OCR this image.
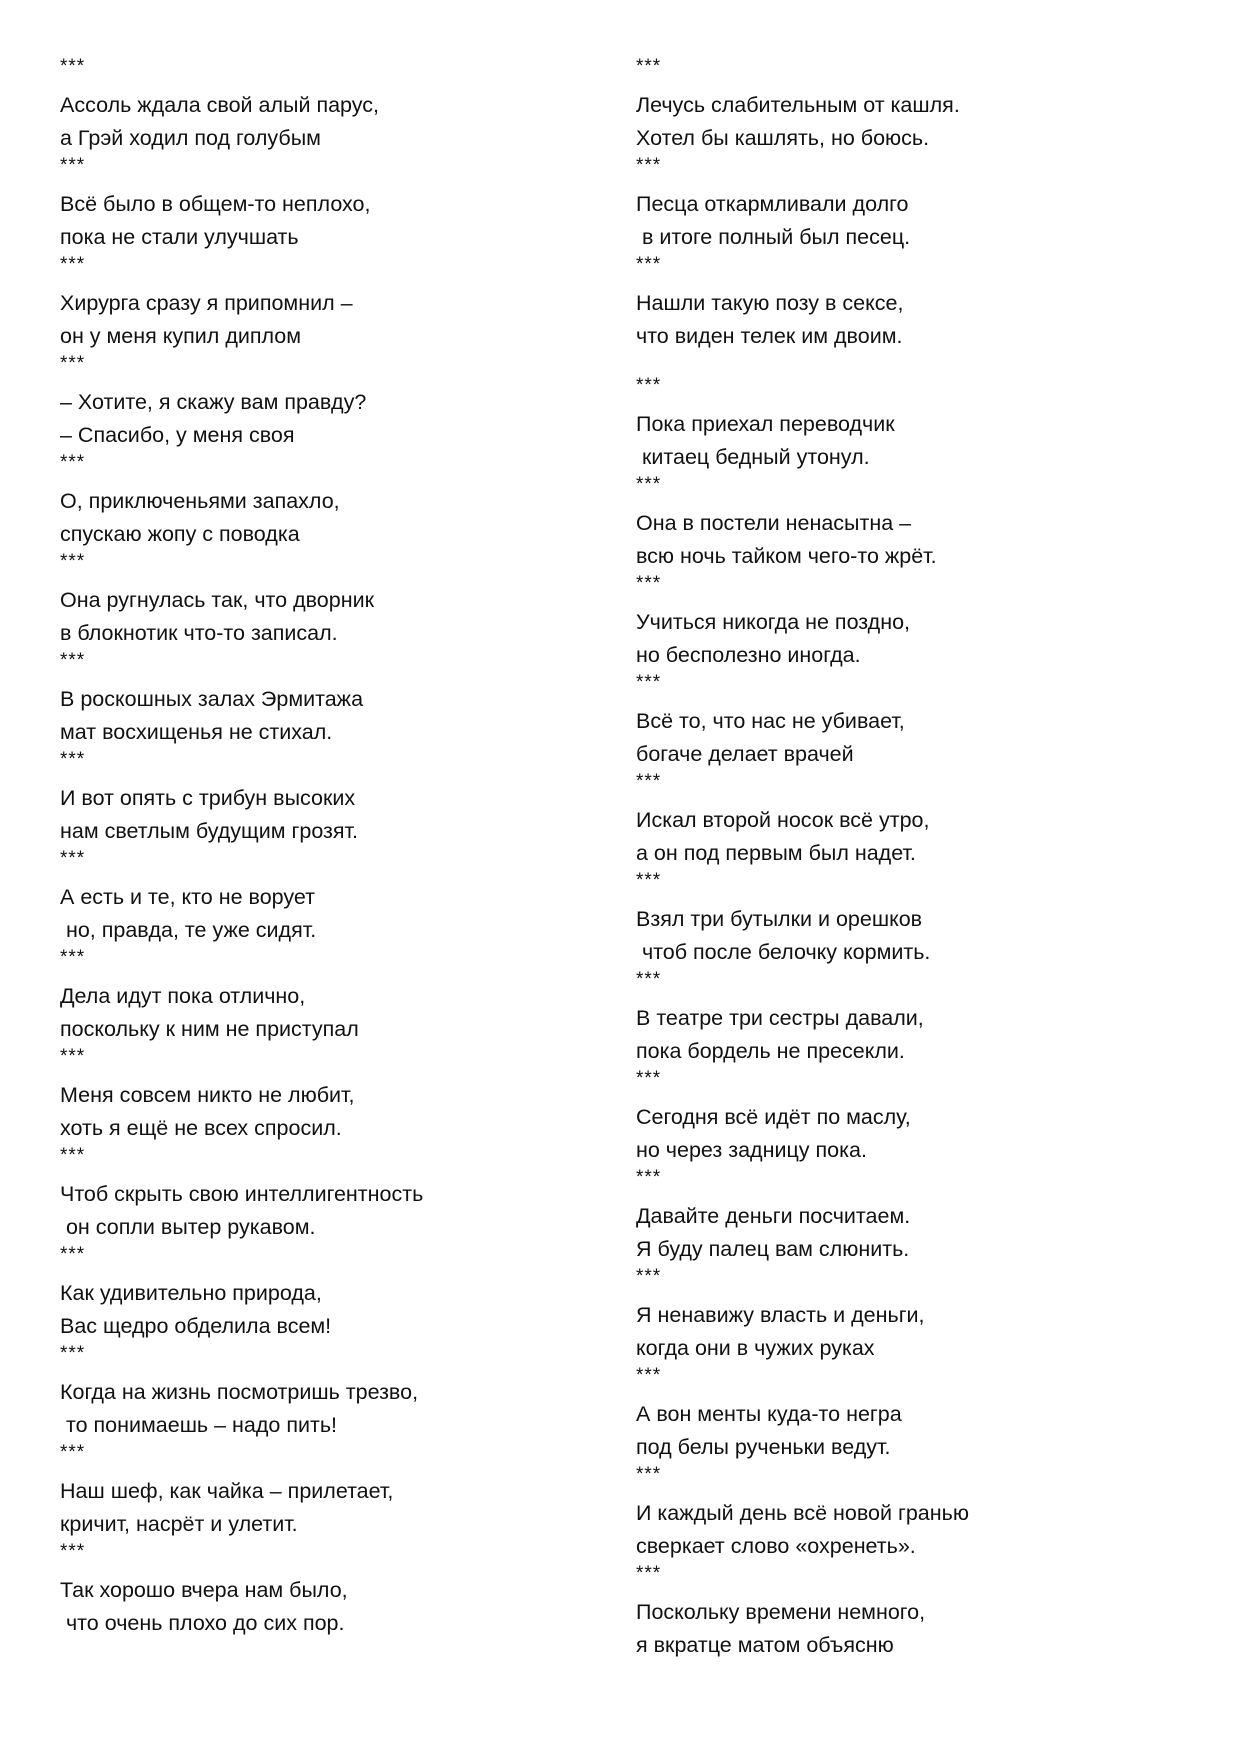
***
Ассоль ждала свой алый парус,
а Грэй ходил под голубым
***
Всё было в общем-то неплохо,
пока не стали улучшать
***
Хирурга сразу я припомнил –
он у меня купил диплом
***
– Хотите, я скажу вам правду?
– Спасибо, у меня своя
***
О, приключеньями запахло,
спускаю жопу с поводка
***
Она ругнулась так, что дворник
в блокнотик что-то записал.
***
В роскошных залах Эрмитажа
мат восхищенья не стихал.
***
И вот опять с трибун высоких
нам светлым будущим грозят.
***
А есть и те, кто не ворует
но, правда, те уже сидят.
***
Дела идут пока отлично,
поскольку к ним не приступал
***
Меня совсем никто не любит,
хоть я ещё не всех спросил.
***
Чтоб скрыть свою интеллигентность
он сопли вытер рукавом.
***
Как удивительно природа,
Вас щедро обделила всем!
***
Когда на жизнь посмотришь трезво,
то понимаешь – надо пить!
***
Наш шеф, как чайка – прилетает,
кричит, насрёт и улетит.
***
Так хорошо вчера нам было,
что очень плохо до сих пор.
***
Лечусь слабительным от кашля.
Хотел бы кашлять, но боюсь.
***
Песца откармливали долго
в итоге полный был песец.
***
Нашли такую позу в сексе,
что виден телек им двоим.
***
Пока приехал переводчик
китаец бедный утонул.
***
Она в постели ненасытна –
всю ночь тайком чего-то жрёт.
***
Учиться никогда не поздно,
но бесполезно иногда.
***
Всё то, что нас не убивает,
богаче делает врачей
***
Искал второй носок всё утро,
а он под первым был надет.
***
Взял три бутылки и орешков
чтоб после белочку кормить.
***
В театре три сестры давали,
пока бордель не пресекли.
***
Сегодня всё идёт по маслу,
но через задницу пока.
***
Давайте деньги посчитаем.
Я буду палец вам слюнить.
***
Я ненавижу власть и деньги,
когда они в чужих руках
***
А вон менты куда-то негра
под белы рученьки ведут.
***
И каждый день всё новой гранью
сверкает слово «охренеть».
***
Поскольку времени немного,
я вкратце матом объясню
